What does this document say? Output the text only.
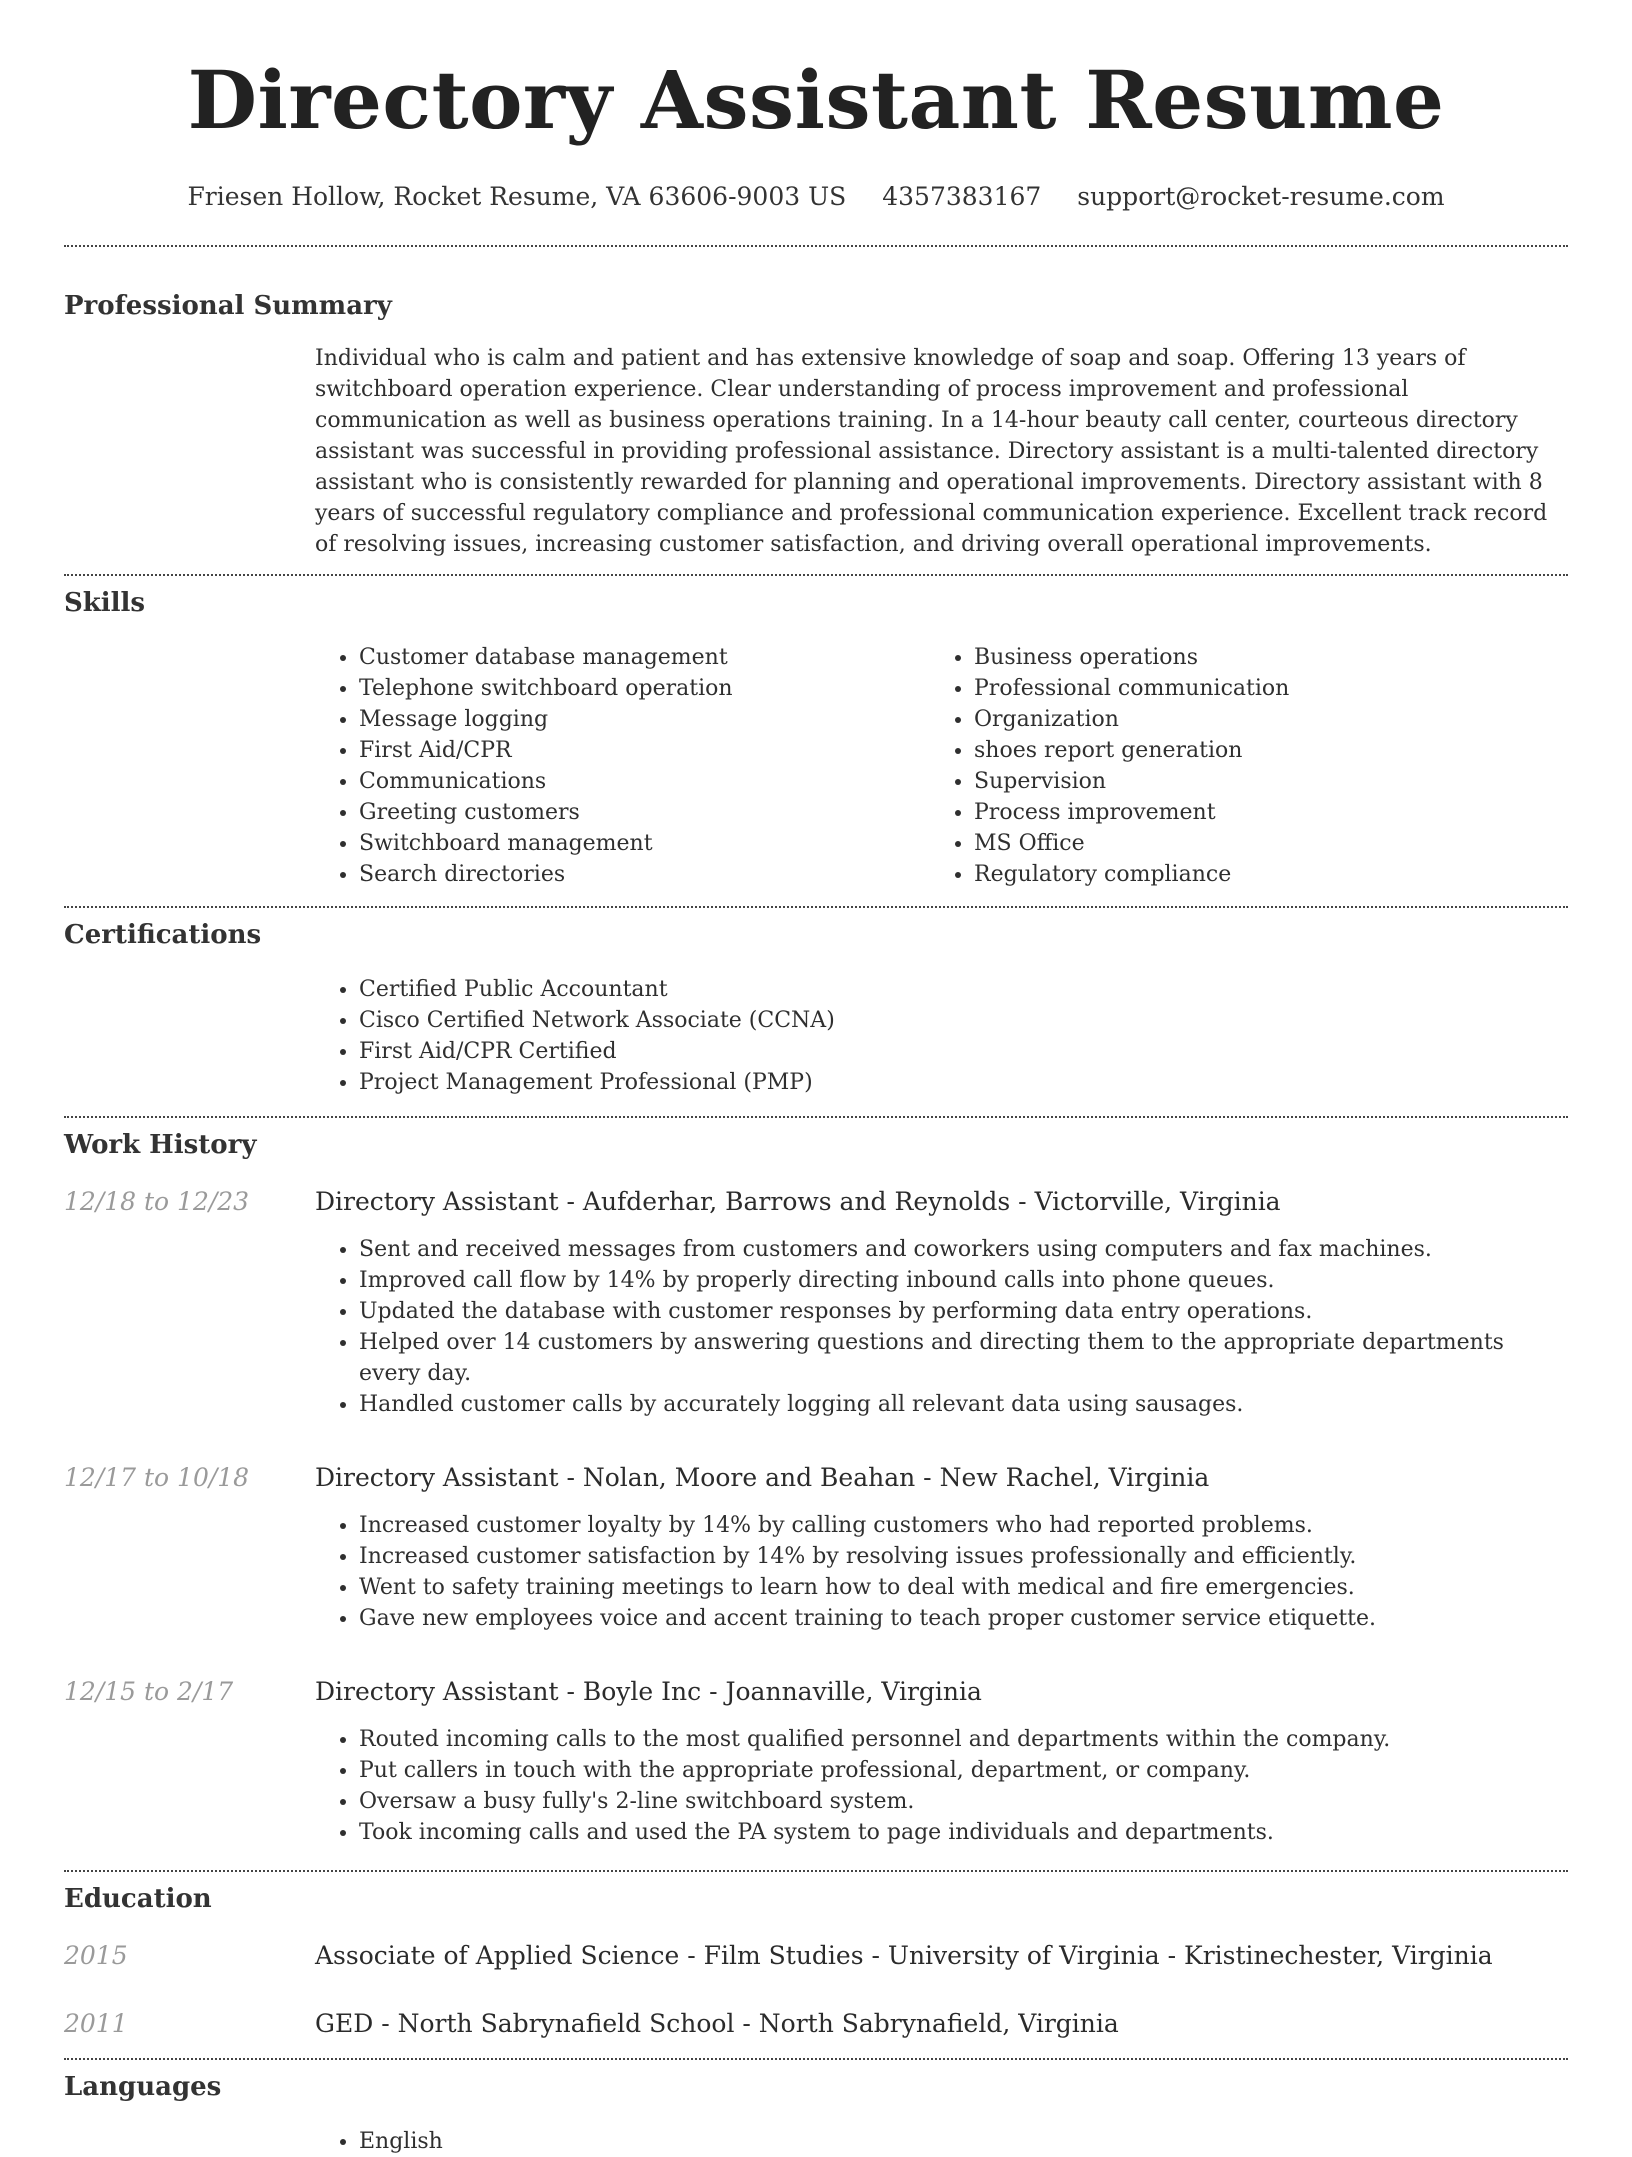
Directory Assistant Resume
Friesen Hollow, Rocket Resume, VA 63606-9003 US 4357383167 support@rocket-resume.com
Professional Summary

Individual who is calm and patient and has extensive knowledge of soap and soap. Offering 13 years of switchboard operation experience. Clear understanding of process improvement and professional communication as well as business operations training. In a 14-hour beauty call center, courteous directory assistant was successful in providing professional assistance. Directory assistant is a multi-talented directory assistant who is consistently rewarded for planning and operational improvements. Directory assistant with 8 years of successful regulatory compliance and professional communication experience. Excellent track record of resolving issues, increasing customer satisfaction, and driving overall operational improvements.

Skills
• Customer database management
• Telephone switchboard operation
• Message logging
• First Aid/CPR
• Communications
• Greeting customers
• Switchboard management
• Search directories
• Business operations
• Professional communication
• Organization
• shoes report generation
• Supervision
• Process improvement
• MS Office
• Regulatory compliance
Certifications
• Certified Public Accountant
• Cisco Certified Network Associate (CCNA)
• First Aid/CPR Certified
• Project Management Professional (PMP)
Work History
12/18 to 12/23	Directory Assistant - Aufderhar, Barrows and Reynolds - Victorville, Virginia
• Sent and received messages from customers and coworkers using computers and fax machines.
• Improved call flow by 14% by properly directing inbound calls into phone queues.
• Updated the database with customer responses by performing data entry operations.
• Helped over 14 customers by answering questions and directing them to the appropriate departments every day.
• Handled customer calls by accurately logging all relevant data using sausages.
12/17 to 10/18	Directory Assistant - Nolan, Moore and Beahan - New Rachel, Virginia
• Increased customer loyalty by 14% by calling customers who had reported problems.
• Increased customer satisfaction by 14% by resolving issues professionally and efficiently.
• Went to safety training meetings to learn how to deal with medical and fire emergencies.
• Gave new employees voice and accent training to teach proper customer service etiquette.
12/15 to 2/17	Directory Assistant - Boyle Inc - Joannaville, Virginia
• Routed incoming calls to the most qualified personnel and departments within the company.
• Put callers in touch with the appropriate professional, department, or company.
• Oversaw a busy fully's 2-line switchboard system.
• Took incoming calls and used the PA system to page individuals and departments.
Education
2015	Associate of Applied Science - Film Studies - University of Virginia - Kristinechester, Virginia
2011	GED - North Sabrynafield School - North Sabrynafield, Virginia
Languages
• English
